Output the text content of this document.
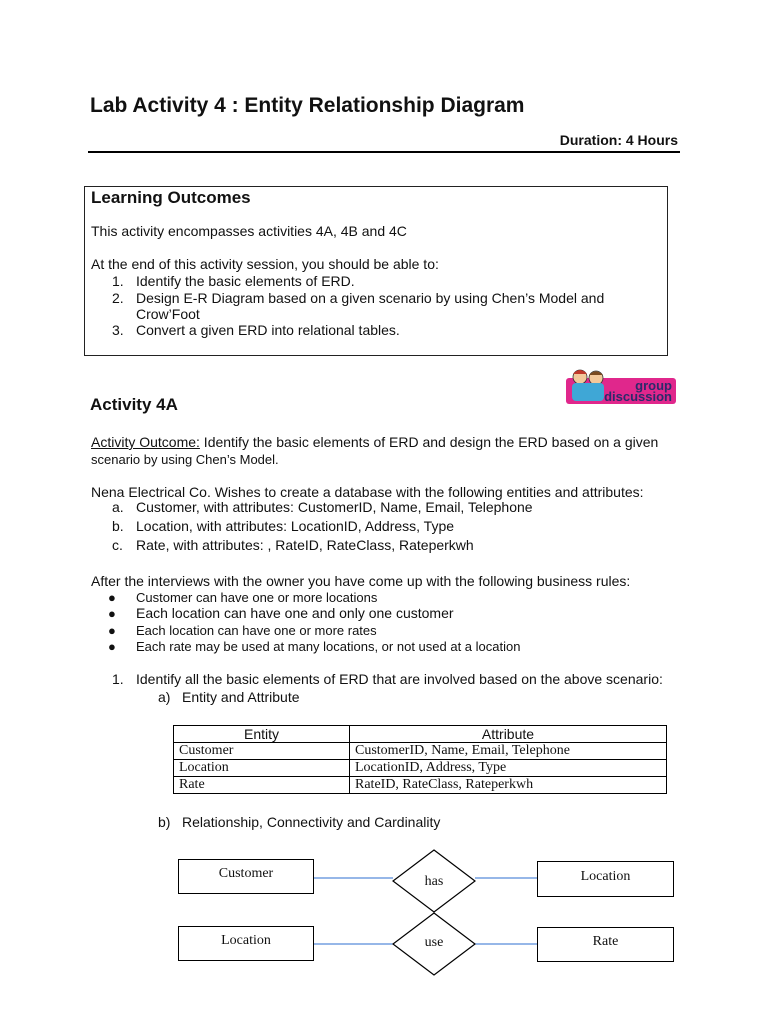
Lab Activity 4 : Entity Relationship Diagram
Duration: 4 Hours
Learning Outcomes
This activity encompasses activities 4A, 4B and 4C
At the end of this activity session, you should be able to:
1. Identify the basic elements of ERD.
2. Design E-R Diagram based on a given scenario by using Chen’s Model and
Crow’Foot
3. Convert a given ERD into relational tables.
group
discussion
Activity 4A
Activity Outcome: Identify the basic elements of ERD and design the ERD based on a given
scenario by using Chen’s Model.
Nena Electrical Co. Wishes to create a database with the following entities and attributes:
a. Customer, with attributes: CustomerID, Name, Email, Telephone
b. Location, with attributes: LocationID, Address, Type
c. Rate, with attributes: , RateID, RateClass, Rateperkwh
After the interviews with the owner you have come up with the following business rules:
● Customer can have one or more locations
● Each location can have one and only one customer
● Each location can have one or more rates
● Each rate may be used at many locations, or not used at a location
1. Identify all the basic elements of ERD that are involved based on the above scenario:
a) Entity and Attribute
Entity	Attribute
Customer	CustomerID, Name, Email, Telephone
Location	LocationID, Address, Type
Rate	RateID, RateClass, Rateperkwh
b) Relationship, Connectivity and Cardinality
Customer
has	Location
Location	use	Rate
